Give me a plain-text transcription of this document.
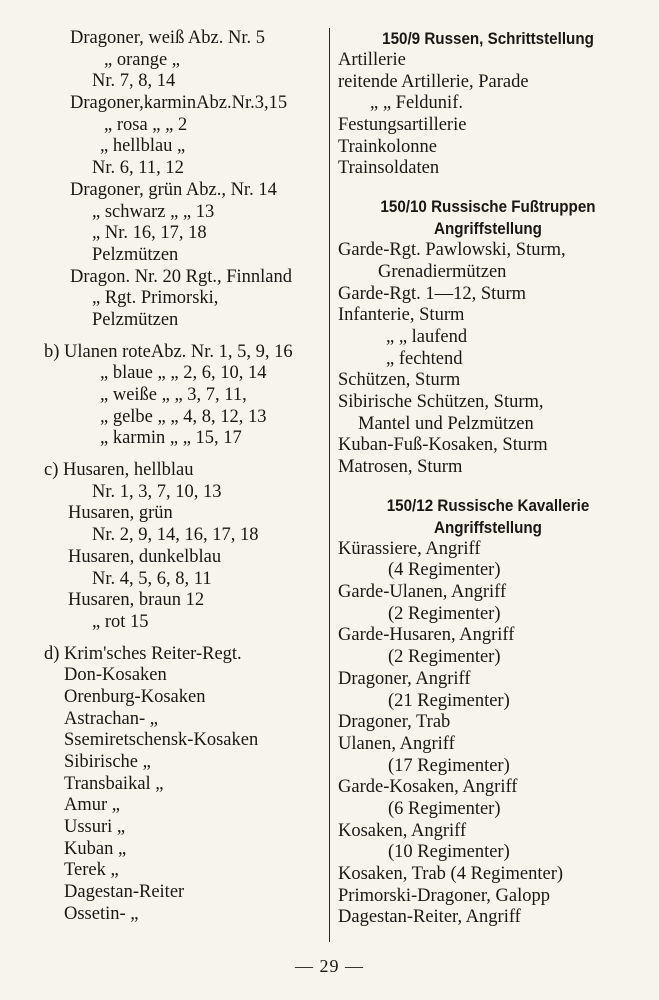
Dragoner, weiß Abz. Nr. 5
„ orange „
Nr. 7, 8, 14
Dragoner,karminAbz.Nr.3,15
„ rosa „ „ 2
„ hellblau „
Nr. 6, 11, 12
Dragoner, grün Abz., Nr. 14
„ schwarz „ „ 13
„ Nr. 16, 17, 18
Pelzmützen
Dragon. Nr. 20 Rgt., Finnland
„ Rgt. Primorski,
Pelzmützen
b) Ulanen roteAbz. Nr. 1, 5, 9, 16
„ blaue „ „ 2, 6, 10, 14
„ weiße „ „ 3, 7, 11,
„ gelbe „ „ 4, 8, 12, 13
„ karmin „ „ 15, 17
c) Husaren, hellblau
Nr. 1, 3, 7, 10, 13
Husaren, grün
Nr. 2, 9, 14, 16, 17, 18
Husaren, dunkelblau
Nr. 4, 5, 6, 8, 11
Husaren, braun 12
„ rot 15
d) Krim'sches Reiter-Regt.
Don-Kosaken
Orenburg-Kosaken
Astrachan- „
Ssemiretschensk-Kosaken
Sibirische „
Transbaikal „
Amur „
Ussuri „
Kuban „
Terek „
Dagestan-Reiter
Ossetin- „
150/9 Russen, Schrittstellung
Artillerie
reitende Artillerie, Parade
„ „ Feldunif.
Festungsartillerie
Trainkolonne
Trainsoldaten
150/10 Russische Fußtruppen
Angriffstellung
Garde-Rgt. Pawlowski, Sturm,
Grenadiermützen
Garde-Rgt. 1—12, Sturm
Infanterie, Sturm
„ „ laufend
„ fechtend
Schützen, Sturm
Sibirische Schützen, Sturm,
Mantel und Pelzmützen
Kuban-Fuß-Kosaken, Sturm
Matrosen, Sturm
150/12 Russische Kavallerie
Angriffstellung
Kürassiere, Angriff
(4 Regimenter)
Garde-Ulanen, Angriff
(2 Regimenter)
Garde-Husaren, Angriff
(2 Regimenter)
Dragoner, Angriff
(21 Regimenter)
Dragoner, Trab
Ulanen, Angriff
(17 Regimenter)
Garde-Kosaken, Angriff
(6 Regimenter)
Kosaken, Angriff
(10 Regimenter)
Kosaken, Trab (4 Regimenter)
Primorski-Dragoner, Galopp
Dagestan-Reiter, Angriff
— 29 —
